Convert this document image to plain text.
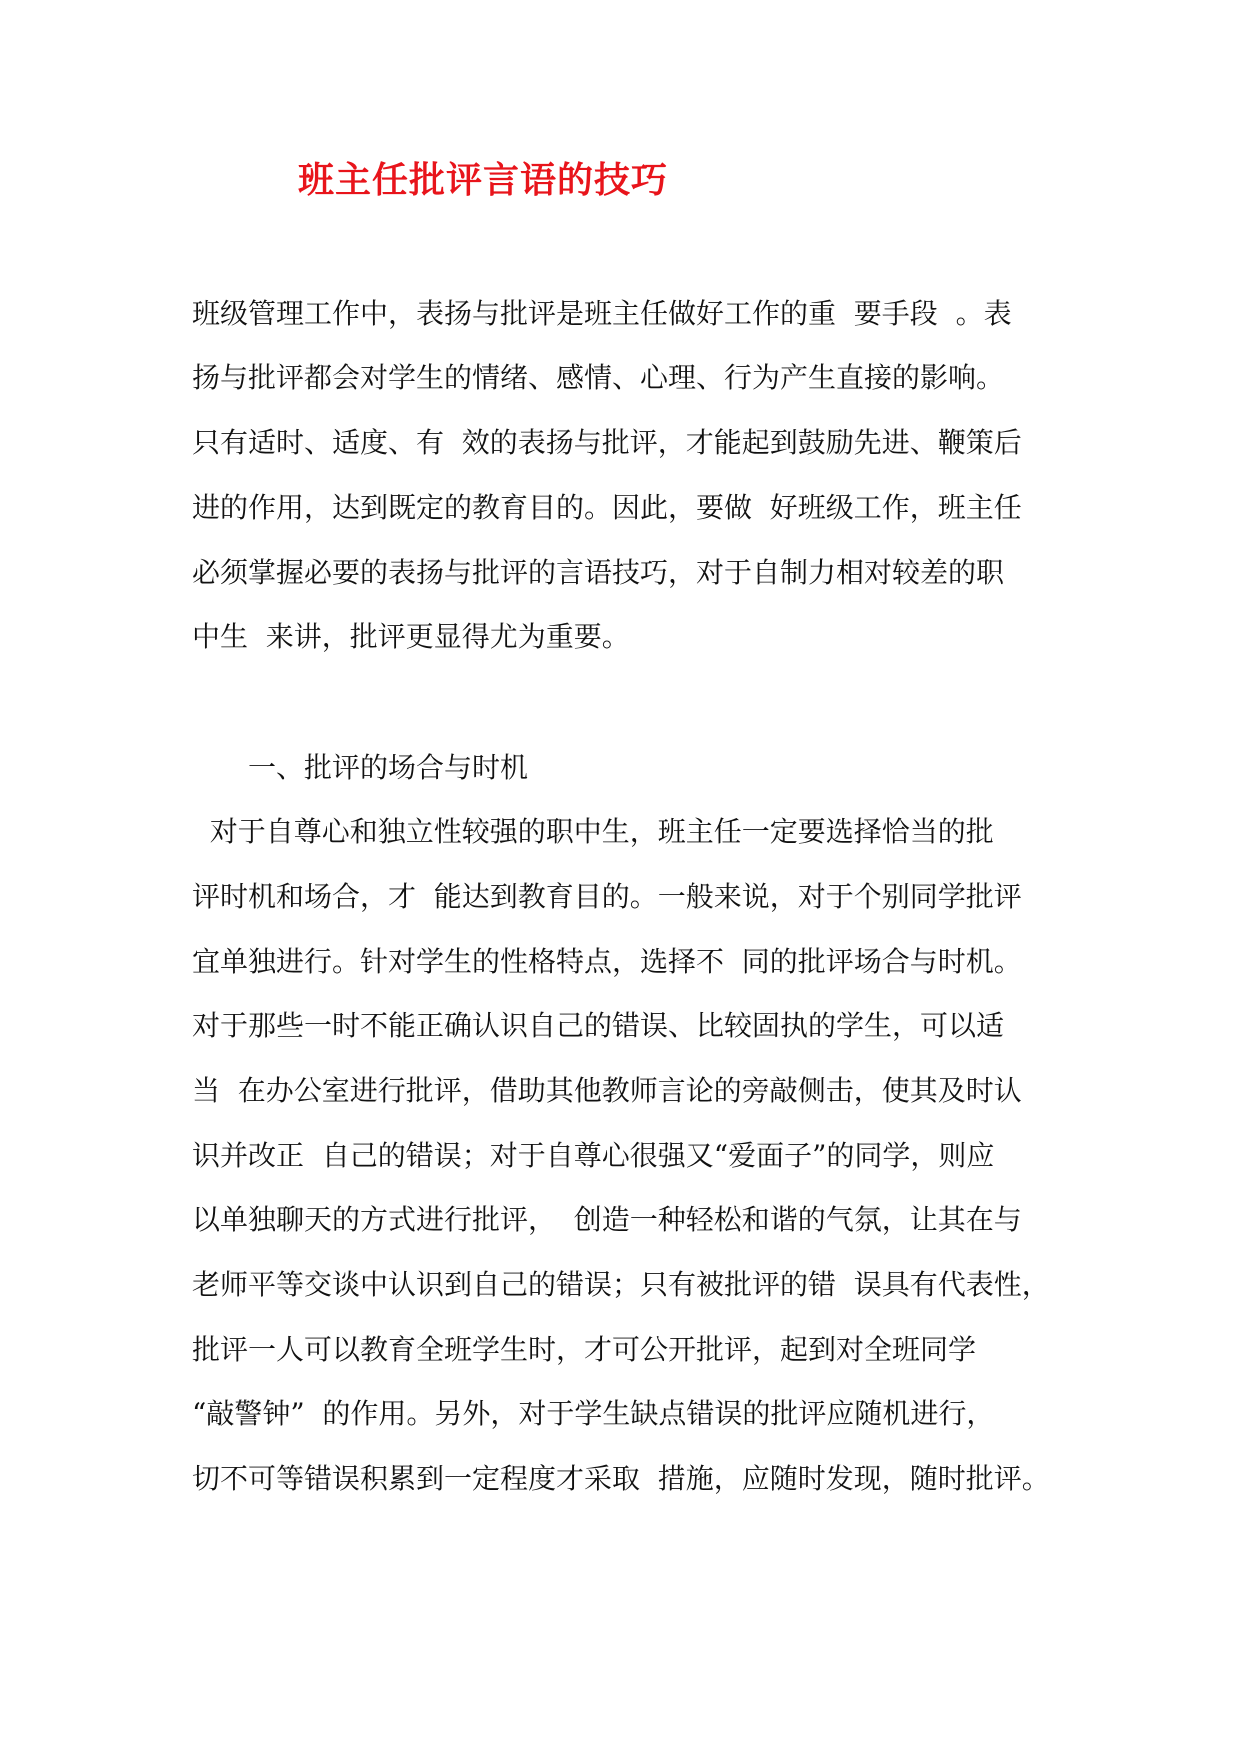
班主任批评言语的技巧
班级管理工作中，表扬与批评是班主任做好工作的重  要手段  。表
扬与批评都会对学生的情绪、感情、心理、行为产生直接的影响。
只有适时、适度、有  效的表扬与批评，才能起到鼓励先进、鞭策后
进的作用，达到既定的教育目的。因此，要做  好班级工作，班主任
必须掌握必要的表扬与批评的言语技巧，对于自制力相对较差的职
中生  来讲，批评更显得尤为重要。
一、批评的场合与时机
对于自尊心和独立性较强的职中生，班主任一定要选择恰当的批
评时机和场合，才  能达到教育目的。一般来说，对于个别同学批评
宜单独进行。针对学生的性格特点，选择不  同的批评场合与时机。
对于那些一时不能正确认识自己的错误、比较固执的学生，可以适
当  在办公室进行批评，借助其他教师言论的旁敲侧击，使其及时认
识并改正  自己的错误；对于自尊心很强又“爱面子”的同学，则应
以单独聊天的方式进行批评，  创造一种轻松和谐的气氛，让其在与
老师平等交谈中认识到自己的错误；只有被批评的错  误具有代表性，
批评一人可以教育全班学生时，才可公开批评，起到对全班同学
“敲警钟”  的作用。另外，对于学生缺点错误的批评应随机进行，
切不可等错误积累到一定程度才采取  措施，应随时发现，随时批评。
